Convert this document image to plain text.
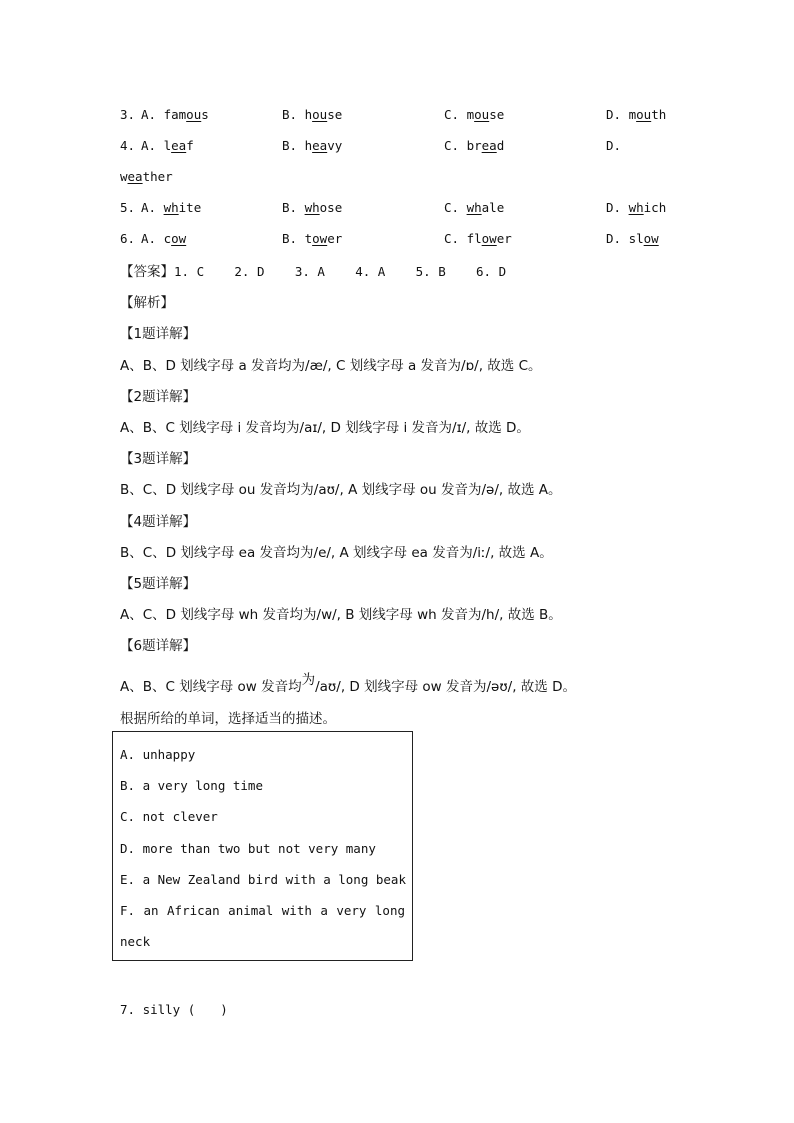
3. A. famous	B. house	C. mouse	D. mouth
4. A. leaf	B. heavy	C. bread	D.
weather
5. A. white	B. whose	C. whale	D. which
6. A. cow	B. tower	C. flower	D. slow
【答案】1. C 2. D 3. A 4. A 5. B 6. D
【解析】
【1题详解】
A、B、D 划线字母 a 发音均为/æ/, C 划线字母 a 发音为/ɒ/, 故选 C。
【2题详解】
A、B、C 划线字母 i 发音均为/aɪ/, D 划线字母 i 发音为/ɪ/, 故选 D。
【3题详解】
B、C、D 划线字母 ou 发音均为/aʊ/, A 划线字母 ou 发音为/ə/, 故选 A。
【4题详解】
B、C、D 划线字母 ea 发音均为/e/, A 划线字母 ea 发音为/iː/, 故选 A。
【5题详解】
A、C、D 划线字母 wh 发音均为/w/, B 划线字母 wh 发音为/h/, 故选 B。
【6题详解】
A、B、C 划线字母 ow 发音均为/aʊ/, D 划线字母 ow 发音为/əʊ/, 故选 D。
根据所给的单词，选择适当的描述。
A. unhappy
B. a very long time
C. not clever
D. more than two but not very many
E. a New Zealand bird with a long beak
F. an African animal with a very long
neck
7. silly (　　)
